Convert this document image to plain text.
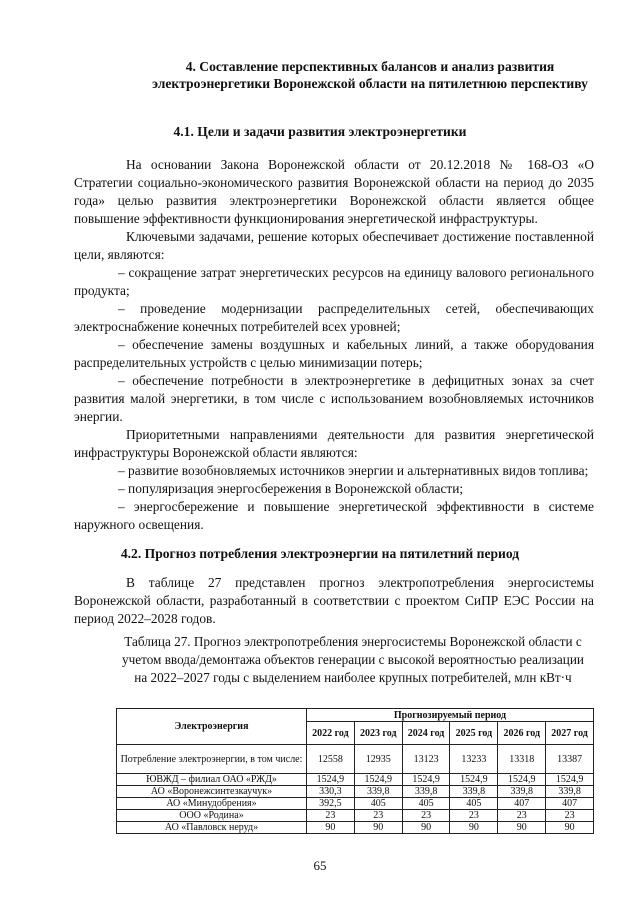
4. Составление перспективных балансов и анализ развития электроэнергетики Воронежской области на пятилетнюю перспективу
4.1. Цели и задачи развития электроэнергетики

На основании Закона Воронежской области от 20.12.2018 № 168-ОЗ «О Стратегии социально-экономического развития Воронежской области на период до 2035 года» целью развития электроэнергетики Воронежской области является общее повышение эффективности функционирования энергетической инфраструктуры.

Ключевыми задачами, решение которых обеспечивает достижение поставленной цели, являются:

– сокращение затрат энергетических ресурсов на единицу валового регионального продукта;

– проведение модернизации распределительных сетей, обеспечивающих электроснабжение конечных потребителей всех уровней;

– обеспечение замены воздушных и кабельных линий, а также оборудования распределительных устройств с целью минимизации потерь;

– обеспечение потребности в электроэнергетике в дефицитных зонах за счет развития малой энергетики, в том числе с использованием возобновляемых источников энергии.

Приоритетными направлениями деятельности для развития энергетической инфраструктуры Воронежской области являются:

– развитие возобновляемых источников энергии и альтернативных видов топлива;

– популяризация энергосбережения в Воронежской области;

– энергосбережение и повышение энергетической эффективности в системе наружного освещения.

4.2. Прогноз потребления электроэнергии на пятилетний период

В таблице 27 представлен прогноз электропотребления энергосистемы Воронежской области, разработанный в соответствии с проектом СиПР ЕЭС России на период 2022–2028 годов.

Таблица 27. Прогноз электропотребления энергосистемы Воронежской области с учетом ввода/демонтажа объектов генерации с высокой вероятностью реализации на 2022–2027 годы с выделением наиболее крупных потребителей, млн кВт·ч
Электроэнергия	Прогнозируемый период					
	2022 год	2023 год	2024 год	2025 год	2026 год	2027 год
Потребление электроэнергии, в том числе:	12558	12935	13123	13233	13318	13387
ЮВЖД – филиал ОАО «РЖД»	1524,9	1524,9	1524,9	1524,9	1524,9	1524,9
АО «Воронежсинтезкаучук»	330,3	339,8	339,8	339,8	339,8	339,8
АО «Минудобрения»	392,5	405	405	405	407	407
ООО «Родина»	23	23	23	23	23	23
АО «Павловск неруд»	90	90	90	90	90	90
65
